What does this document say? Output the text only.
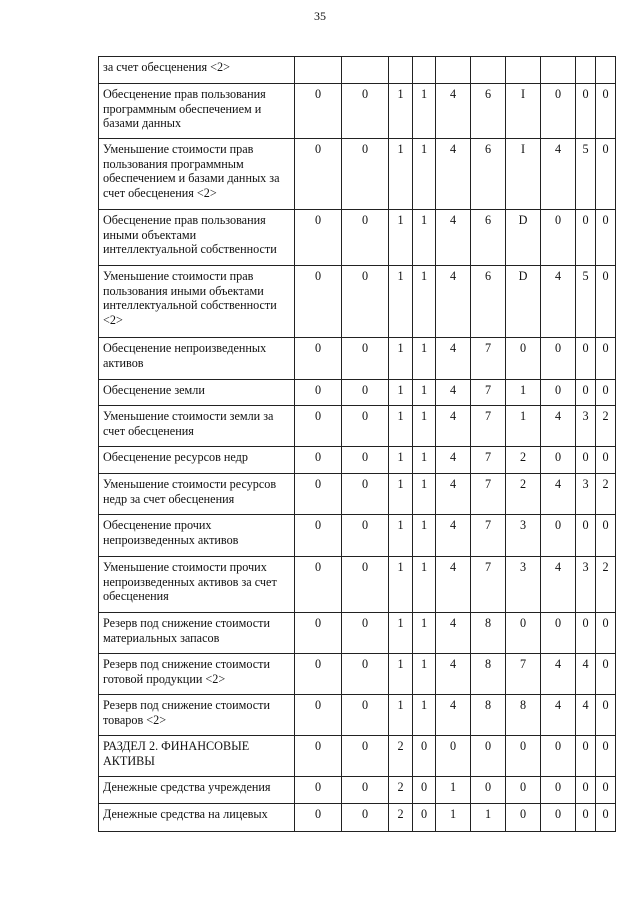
35
за счет обесценения <2>										
Обесценение прав пользования программным обеспечением и базами данных	0	0	1	1	4	6	I	0	0	0
Уменьшение стоимости прав пользования программным обеспечением и базами данных за счет обесценения <2>	0	0	1	1	4	6	I	4	5	0
Обесценение прав пользования иными объектами интеллектуальной собственности	0	0	1	1	4	6	D	0	0	0
Уменьшение стоимости прав пользования иными объектами интеллектуальной собственности <2>	0	0	1	1	4	6	D	4	5	0
Обесценение непроизведенных активов	0	0	1	1	4	7	0	0	0	0
Обесценение земли	0	0	1	1	4	7	1	0	0	0
Уменьшение стоимости земли за счет обесценения	0	0	1	1	4	7	1	4	3	2
Обесценение ресурсов недр	0	0	1	1	4	7	2	0	0	0
Уменьшение стоимости ресурсов недр за счет обесценения	0	0	1	1	4	7	2	4	3	2
Обесценение прочих непроизведенных активов	0	0	1	1	4	7	3	0	0	0
Уменьшение стоимости прочих непроизведенных активов за счет обесценения	0	0	1	1	4	7	3	4	3	2
Резерв под снижение стоимости материальных запасов	0	0	1	1	4	8	0	0	0	0
Резерв под снижение стоимости готовой продукции <2>	0	0	1	1	4	8	7	4	4	0
Резерв под снижение стоимости товаров <2>	0	0	1	1	4	8	8	4	4	0
РАЗДЕЛ 2. ФИНАНСОВЫЕ АКТИВЫ	0	0	2	0	0	0	0	0	0	0
Денежные средства учреждения	0	0	2	0	1	0	0	0	0	0
Денежные средства на лицевых	0	0	2	0	1	1	0	0	0	0
